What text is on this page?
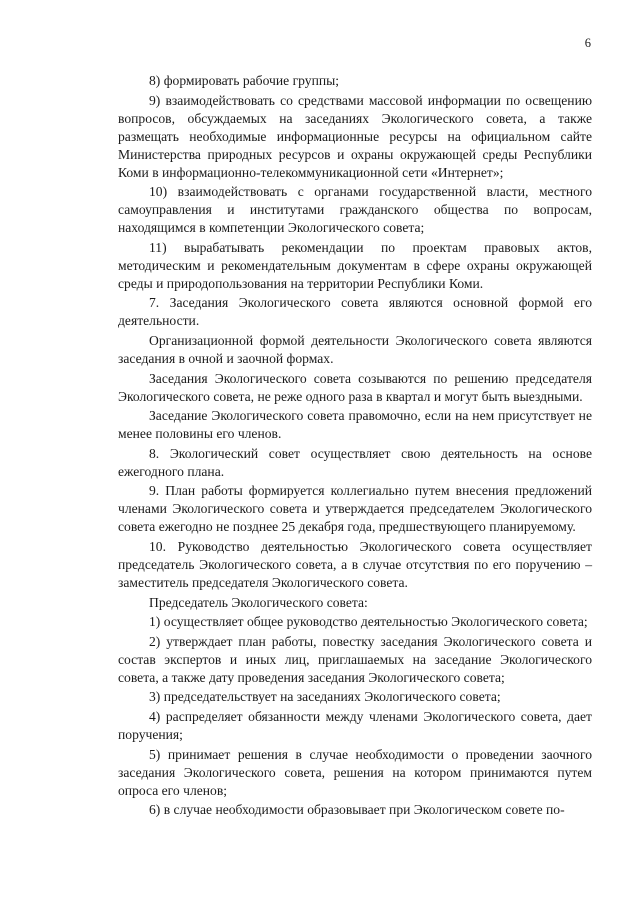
6

8) формировать рабочие группы;

9) взаимодействовать со средствами массовой информации по освещению вопросов, обсуждаемых на заседаниях Экологического совета, а также размещать необходимые информационные ресурсы на официальном сайте Министерства природных ресурсов и охраны окружающей среды Республики Коми в информационно-телекоммуникационной сети «Интернет»;

10) взаимодействовать с органами государственной власти, местного самоуправления и институтами гражданского общества по вопросам, находящимся в компетенции Экологического совета;

11) вырабатывать рекомендации по проектам правовых актов, методическим и рекомендательным документам в сфере охраны окружающей среды и природопользования на территории Республики Коми.

7. Заседания Экологического совета являются основной формой его деятельности.

Организационной формой деятельности Экологического совета являются заседания в очной и заочной формах.

Заседания Экологического совета созываются по решению председателя Экологического совета, не реже одного раза в квартал и могут быть выездными.

Заседание Экологического совета правомочно, если на нем присутствует не менее половины его членов.

8. Экологический совет осуществляет свою деятельность на основе ежегодного плана.

9. План работы формируется коллегиально путем внесения предложений членами Экологического совета и утверждается председателем Экологического совета ежегодно не позднее 25 декабря года, предшествующего планируемому.

10. Руководство деятельностью Экологического совета осуществляет председатель Экологического совета, а в случае отсутствия по его поручению – заместитель председателя Экологического совета.

Председатель Экологического совета:

1) осуществляет общее руководство деятельностью Экологического совета;

2) утверждает план работы, повестку заседания Экологического совета и состав экспертов и иных лиц, приглашаемых на заседание Экологического совета, а также дату проведения заседания Экологического совета;

3) председательствует на заседаниях Экологического совета;

4) распределяет обязанности между членами Экологического совета, дает поручения;

5) принимает решения в случае необходимости о проведении заочного заседания Экологического совета, решения на котором принимаются путем опроса его членов;

6) в случае необходимости образовывает при Экологическом совете по-
